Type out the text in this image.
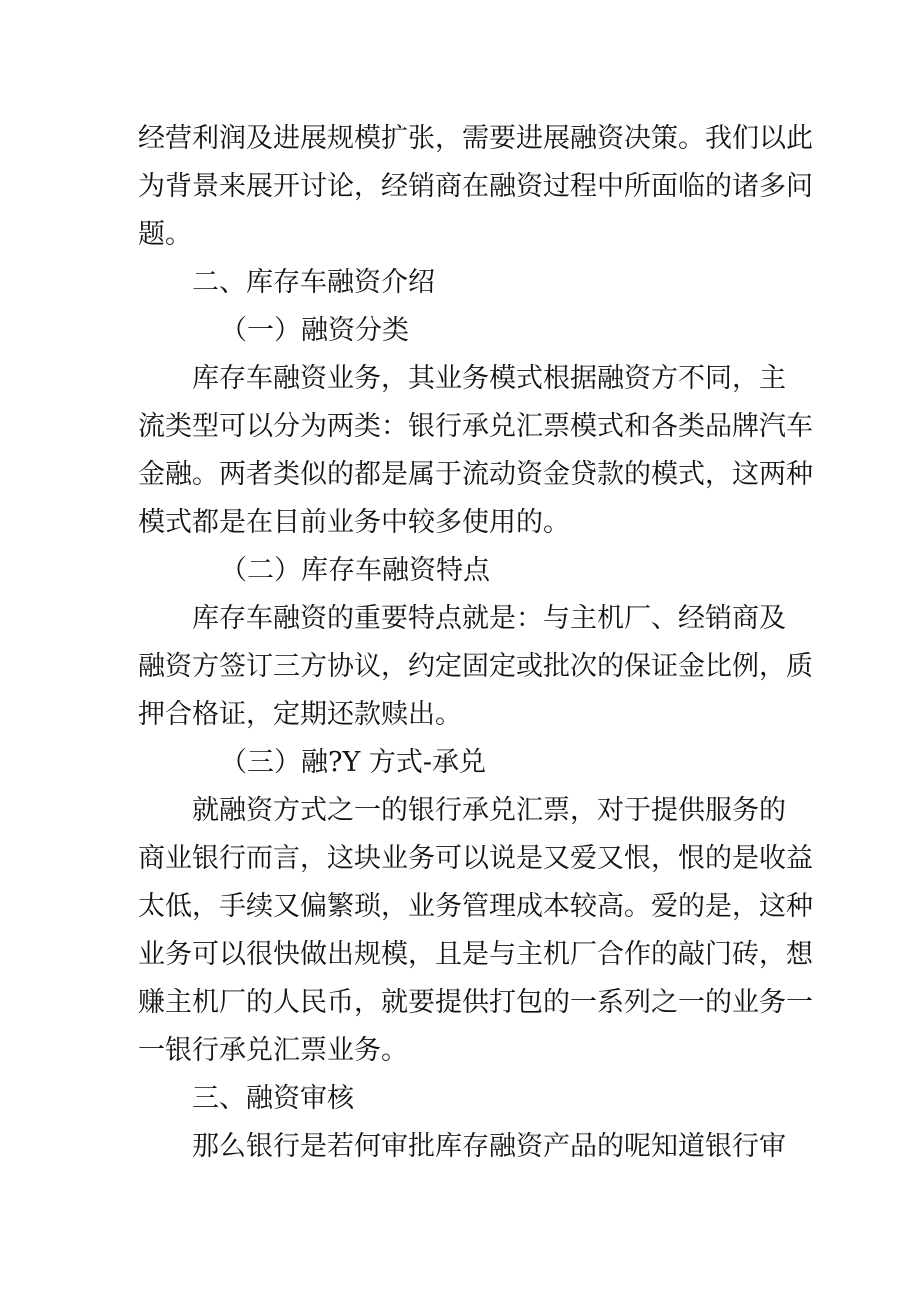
经营利润及进展规模扩张，需要进展融资决策。我们以此
为背景来展开讨论，经销商在融资过程中所面临的诸多问
题。
二、库存车融资介绍
（一）融资分类
库存车融资业务，其业务模式根据融资方不同，主
流类型可以分为两类：银行承兑汇票模式和各类品牌汽车
金融。两者类似的都是属于流动资金贷款的模式，这两种
模式都是在目前业务中较多使用的。
（二）库存车融资特点
库存车融资的重要特点就是：与主机厂、经销商及
融资方签订三方协议，约定固定或批次的保证金比例，质
押合格证，定期还款赎出。
（三）融?Y 方式-承兑
就融资方式之一的银行承兑汇票，对于提供服务的
商业银行而言，这块业务可以说是又爱又恨，恨的是收益
太低，手续又偏繁琐，业务管理成本较高。爱的是，这种
业务可以很快做出规模，且是与主机厂合作的敲门砖，想
赚主机厂的人民币，就要提供打包的一系列之一的业务一
一银行承兑汇票业务。
三、融资审核
那么银行是若何审批库存融资产品的呢知道银行审
